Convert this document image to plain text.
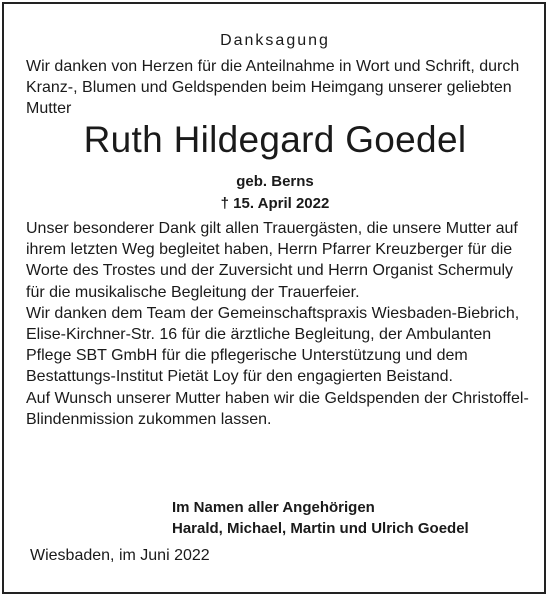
Danksagung
Wir danken von Herzen für die Anteilnahme in Wort und Schrift, durch Kranz-, Blumen und Geldspenden beim Heimgang unserer geliebten Mutter
Ruth Hildegard Goedel
geb. Berns
† 15. April 2022

Unser besonderer Dank gilt allen Trauergästen, die unsere Mutter auf ihrem letzten Weg begleitet haben, Herrn Pfarrer Kreuzberger für die Worte des Trostes und der Zuversicht und Herrn Organist Schermuly für die musikalische Begleitung der Trauerfeier.

Wir danken dem Team der Gemeinschaftspraxis Wiesbaden-Biebrich, Elise-Kirchner-Str. 16 für die ärztliche Begleitung, der Ambulanten Pflege SBT GmbH für die pflegerische Unterstützung und dem Bestattungs-Institut Pietät Loy für den engagierten Beistand.

Auf Wunsch unserer Mutter haben wir die Geldspenden der Christoffel-Blindenmission zukommen lassen.

Im Namen aller Angehörigen
Harald, Michael, Martin und Ulrich Goedel
Wiesbaden, im Juni 2022
